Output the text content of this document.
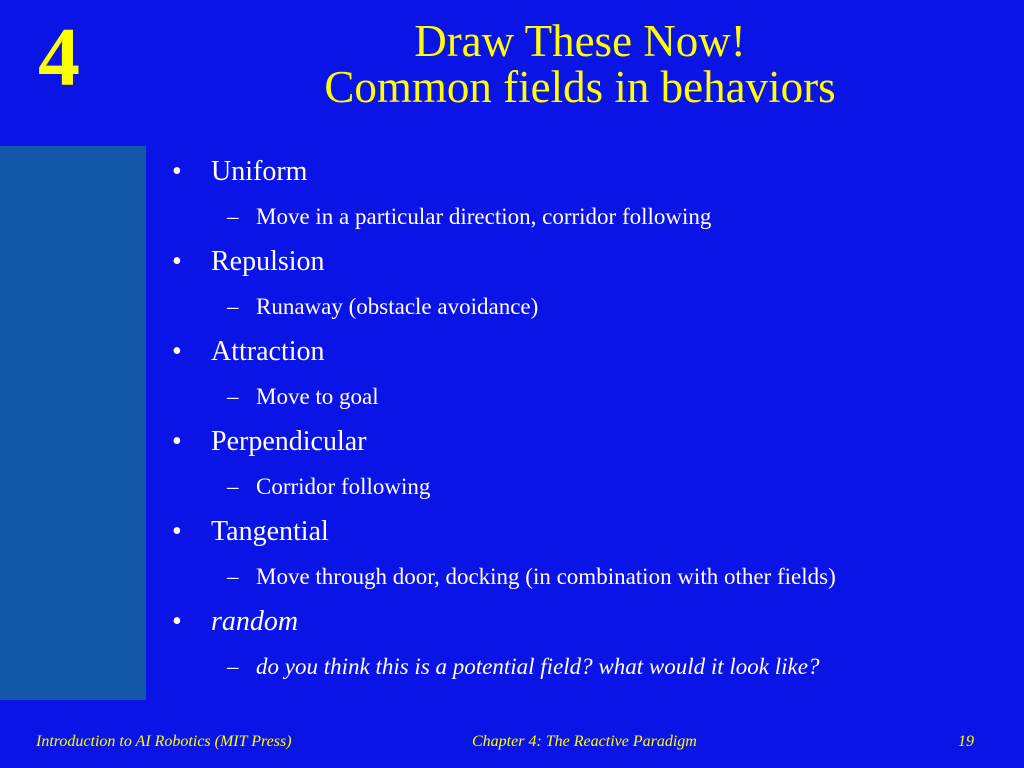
4	Draw These Now!
Common fields in behaviors
• Uniform
– Move in a particular direction, corridor following
• Repulsion
– Runaway (obstacle avoidance)
• Attraction
– Move to goal
• Perpendicular
– Corridor following
• Tangential
– Move through door, docking (in combination with other fields)
• random
– do you think this is a potential field? what would it look like?
Introduction to AI Robotics (MIT Press)	Chapter 4: The Reactive Paradigm	19
